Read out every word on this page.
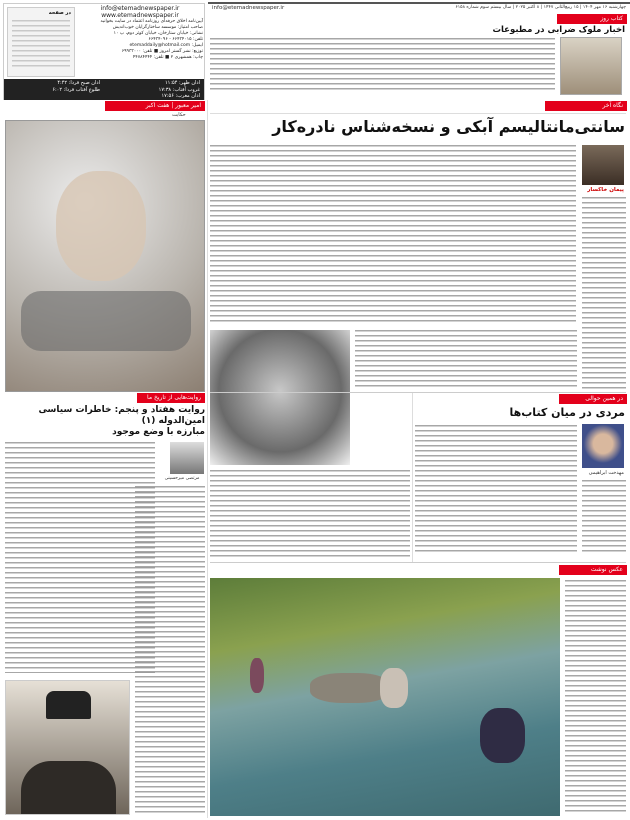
در صفحه
info@etemadnewspaper.ir
www.etemadnewspaper.ir
آیین‌نامه اخلاق حرفه‌ای روزنامه اعتماد در سایت بخوانید
صاحب امتیاز: موسسه ساختارگرایان خوب‌اندیش
نشانی: خیابان ستارخان، خیابان کوثر دوم، پ ۱۰
تلفن: ۶۶۴۳۴۰۱۵ - ۶۶۴۳۴۰۹۶
ایمیل: etemaddaily@hotmail.com
توزیع: نشر گستر امروز ■ تلفن: ۶۹۹۳۳۰۰۰
چاپ: همشهری ۲ ■ تلفن: ۴۴۷۸۴۴۴۴
اذان ظهر: ۱۱:۵۴
غروب آفتاب: ۱۷:۳۸
اذان مغرب: ۱۷:۵۶
اذان صبح فردا: ۴:۴۲
طلوع آفتاب فردا: ۶:۰۲
info@etemadnewspaper.ir	چهارشنبه ۱۶ مهر ۱۴۰۴ | ۱۵ ربیع‌الثانی ۱۴۴۷ | ۸ اکتبر ۲۰۲۵ | سال بیستم سوم شماره ۶۱۵۸
کتاب روز
اخبار ملوک ضرابی در مطبوعات
امیر معبور | هفت اکبر
حکایت
نگاه آخر
سانتی‌مانتالیسم آبکی و نسخه‌شناس نادره‌کار
پیمان خاکسار
روایت‌هایی از تاریخ ما
روایت هفتاد و پنجم: خاطرات سیاسی امین‌الدوله (۱)
مبارزه با وضع موجود
مرتضی میرحسینی
در همین حوالی
مردی در میان کتاب‌ها
مهدخت ابراهیمی
عکس نوشت
